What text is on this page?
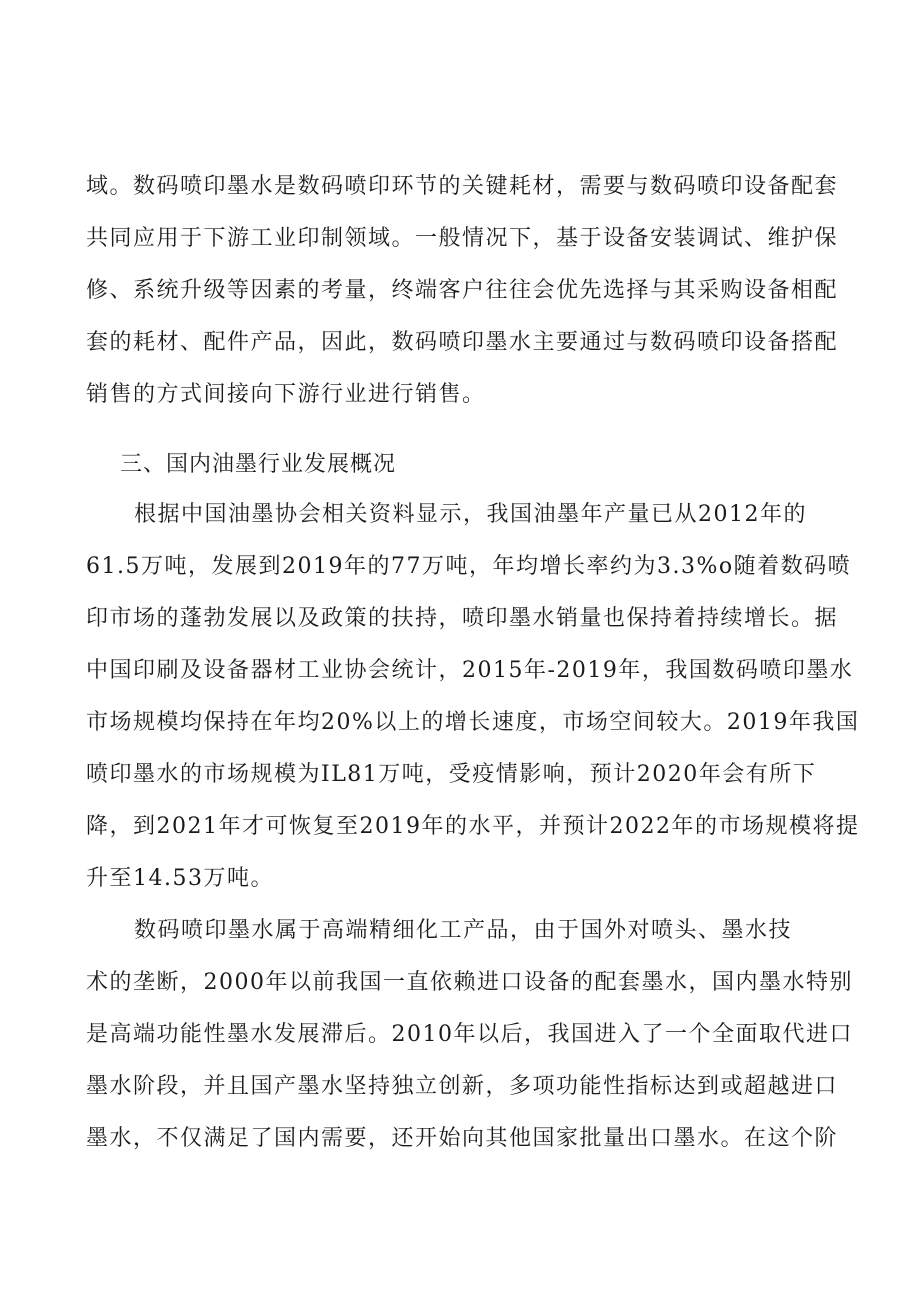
域。数码喷印墨水是数码喷印环节的关键耗材，需要与数码喷印设备配套
共同应用于下游工业印制领域。一般情况下，基于设备安装调试、维护保
修、系统升级等因素的考量，终端客户往往会优先选择与其采购设备相配
套的耗材、配件产品，因此，数码喷印墨水主要通过与数码喷印设备搭配
销售的方式间接向下游行业进行销售。
三、国内油墨行业发展概况
根据中国油墨协会相关资料显示，我国油墨年产量已从2012年的
61.5万吨，发展到2019年的77万吨，年均增长率约为3.3%o随着数码喷
印市场的蓬勃发展以及政策的扶持，喷印墨水销量也保持着持续增长。据
中国印刷及设备器材工业协会统计，2015年-2019年，我国数码喷印墨水
市场规模均保持在年均20%以上的增长速度，市场空间较大。2019年我国
喷印墨水的市场规模为IL81万吨，受疫情影响，预计2020年会有所下
降，到2021年才可恢复至2019年的水平，并预计2022年的市场规模将提
升至14.53万吨。
数码喷印墨水属于高端精细化工产品，由于国外对喷头、墨水技
术的垄断，2000年以前我国一直依赖进口设备的配套墨水，国内墨水特别
是高端功能性墨水发展滞后。2010年以后，我国进入了一个全面取代进口
墨水阶段，并且国产墨水坚持独立创新，多项功能性指标达到或超越进口
墨水，不仅满足了国内需要，还开始向其他国家批量出口墨水。在这个阶
